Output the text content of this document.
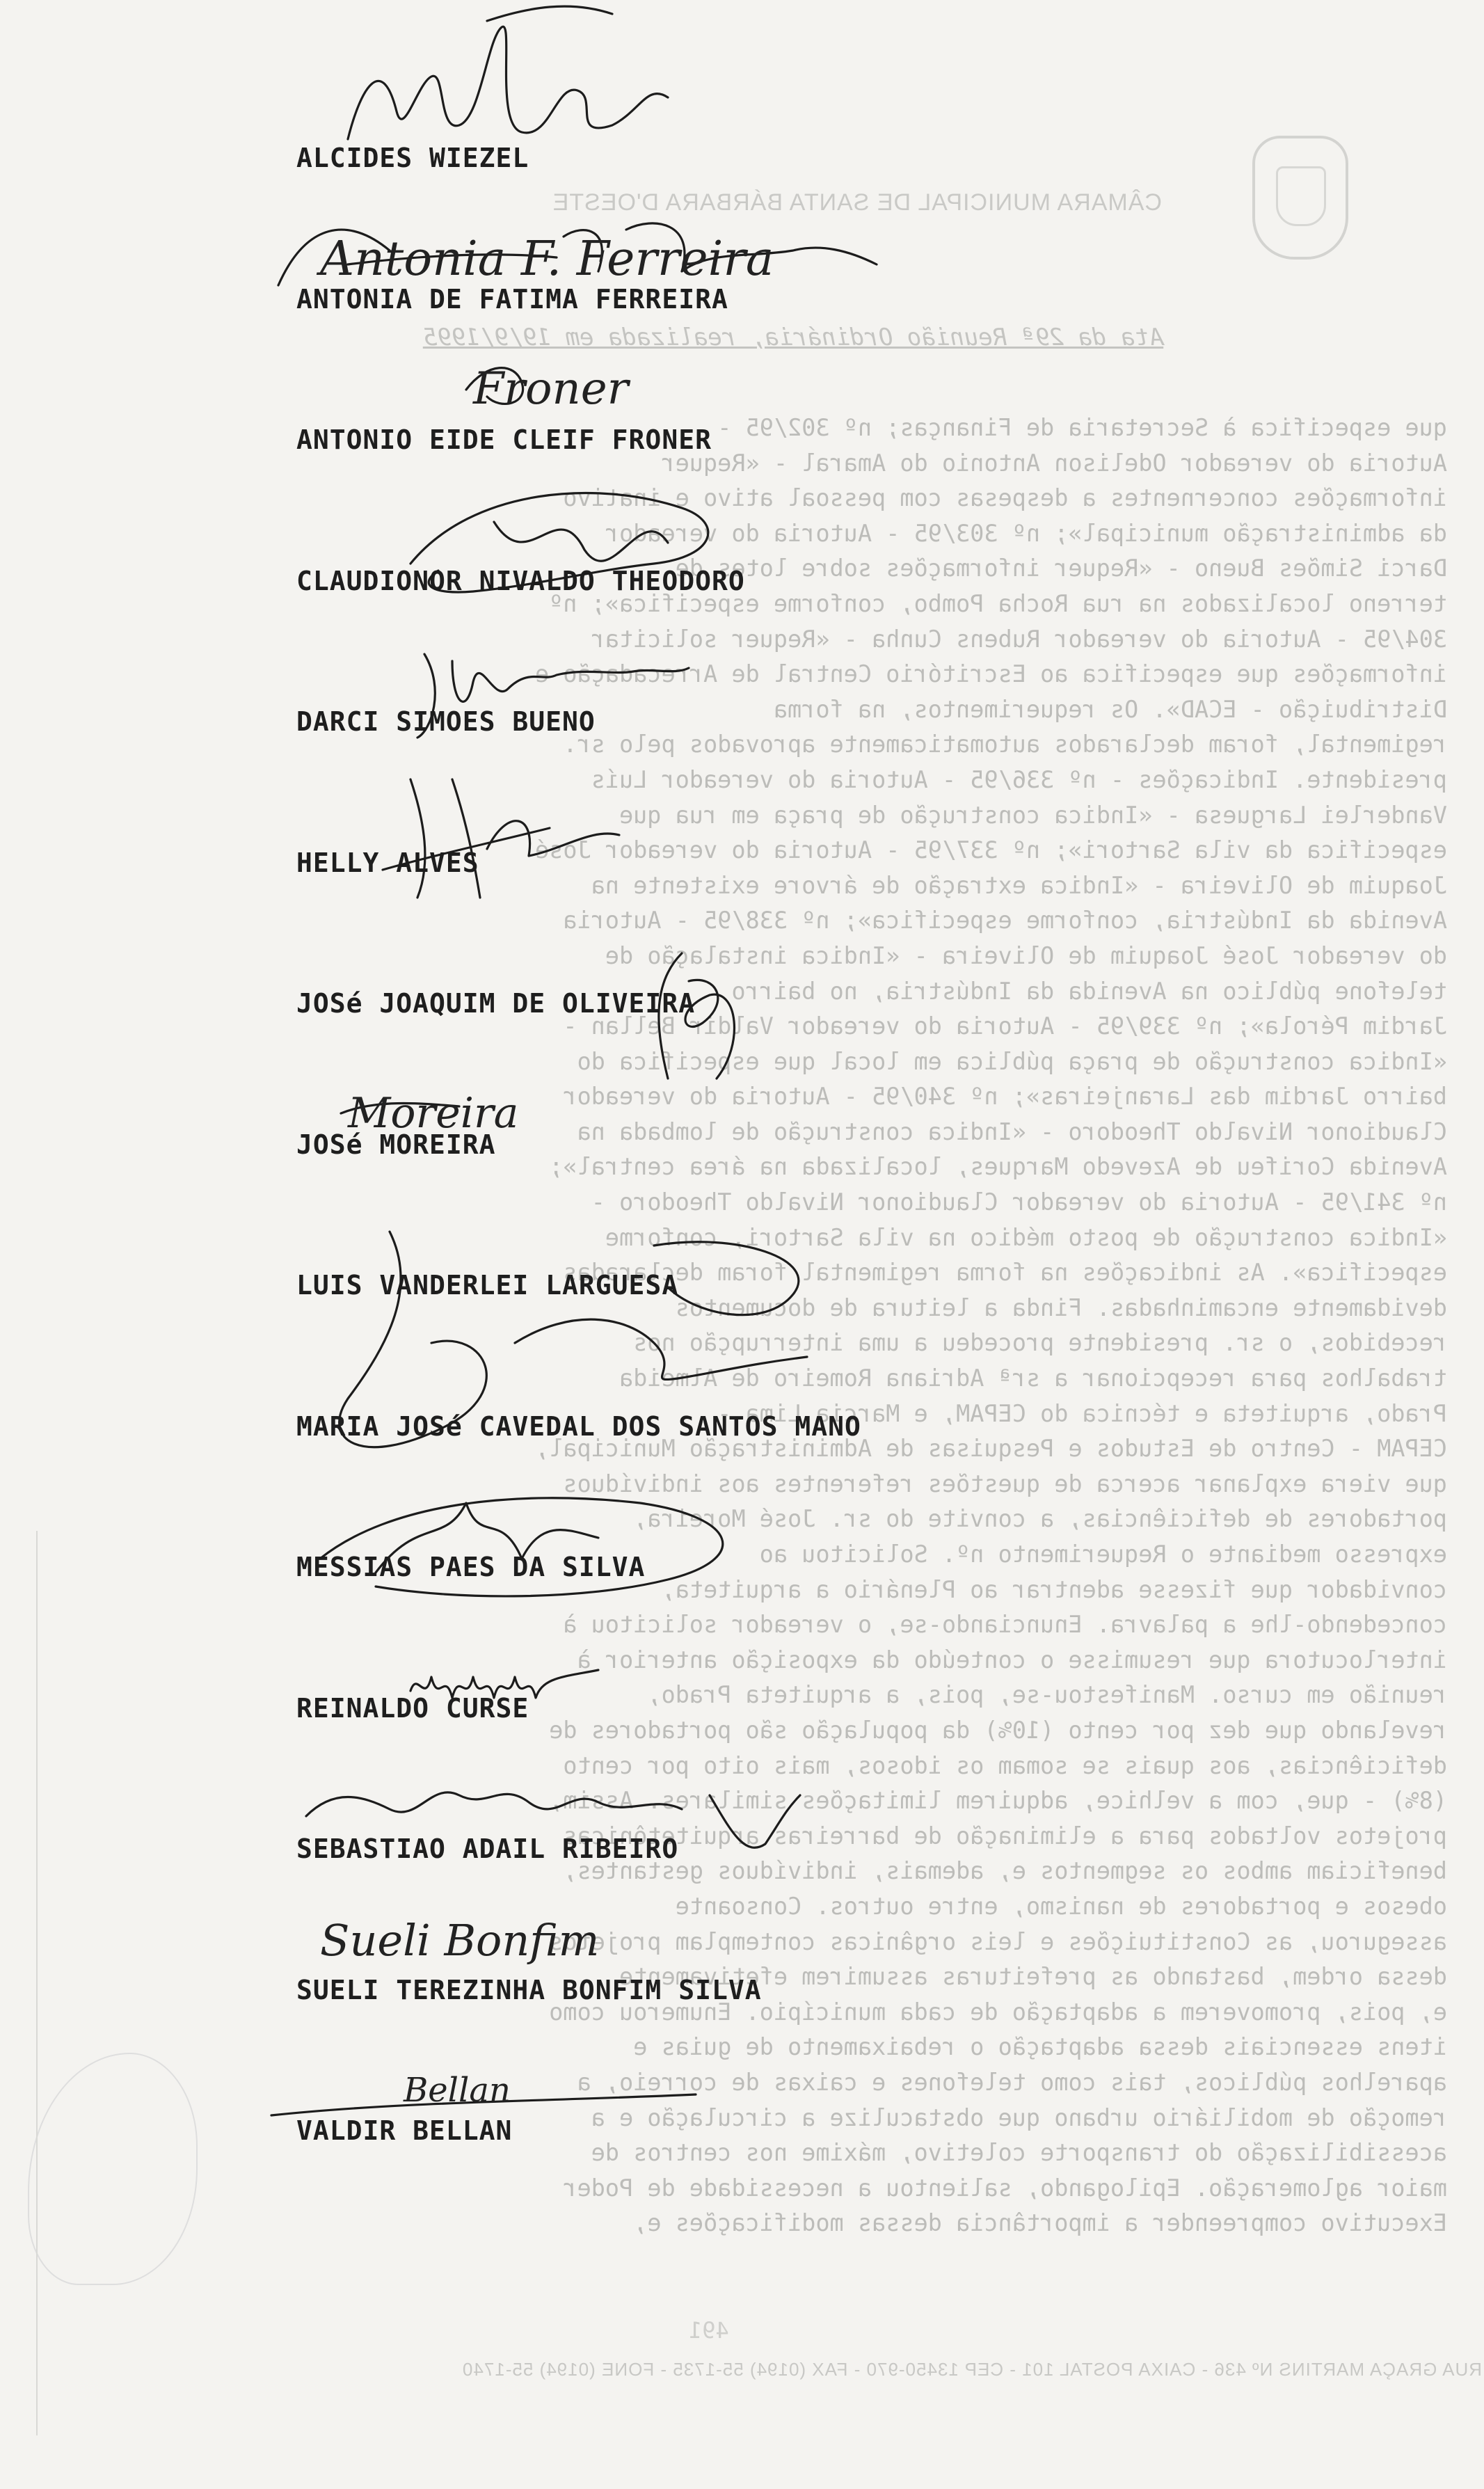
CÂMARA MUNICIPAL DE SANTA BÁRBARA D'OESTE
Ata da 29ª Reunião Ordinária, realizada em 19/9/1995
que especifica à Secretaria de Finanças; nº 302/95 -
Autoria do vereador Odelison Antonio do Amaral - «Requer
informações concernentes a despesas com pessoal ativo e inativo
da administração municipal»; nº 303/95 - Autoria do vereador
Darci Simões Bueno - «Requer informações sobre lotes de
terreno localizados na rua Rocha Pombo, conforme especifica»; nº
304/95 - Autoria do vereador Rubens Cunha - «Requer solicitar
informações que especifica ao Escritório Central de Arrecadação e
Distribuição - ECAD». Os requerimentos, na forma
regimental, foram declarados automaticamente aprovados pelo sr.
presidente. Indicações - nº 336/95 - Autoria do vereador Luís
Vanderlei Larguesa - «Indica construção de praça em rua que
especifica da vila Sartori»; nº 337/95 - Autoria do vereador José
Joaquim de Oliveira - «Indica extração de árvore existente na
Avenida da Indústria, conforme especifica»; nº 338/95 - Autoria
do vereador José Joaquim de Oliveira - «Indica instalação de
telefone público na Avenida da Indústria, no bairro
Jardim Pérola»; nº 339/95 - Autoria do vereador Valdir Bellan -
«Indica construção de praça pública em local que especifica do
bairro Jardim das Laranjeiras»; nº 340/95 - Autoria do vereador
Claudionor Nivaldo Theodoro - «Indica construção de lombada na
Avenida Corifeu de Azevedo Marques, localizada na área central»;
nº 341/95 - Autoria do vereador Claudionor Nivaldo Theodoro -
«Indica construção de posto médico na vila Sartori, conforme
especifica». As indicações na forma regimental foram declaradas
devidamente encaminhadas. Finda a leitura de documentos
recebidos, o sr. presidente procedeu a uma interrupção nos
trabalhos para recepcionar a srª Adriana Romeiro de Almeida
Prado, arquiteta e técnica do CEPAM, e Marcia Lima -
CEPAM - Centro de Estudos e Pesquisas de Administração Municipal,
que viera explanar acerca de questões referentes aos indivíduos
portadores de deficiências, a convite do sr. José Moreira,
expresso mediante o Requerimento nº. Solicitou ao
convidador que fizesse adentrar ao Plenário a arquiteta,
concedendo-lhe a palavra. Enunciando-se, o vereador solicitou à
interlocutora que resumisse o conteúdo da exposição anterior à
reunião em curso. Manifestou-se, pois, a arquiteta Prado,
revelando que dez por cento (10%) da população são portadores de
deficiências, aos quais se somam os idosos, mais oito por cento
(8%) - que, com a velhice, adquirem limitações similares. Assim,
projetos voltados para a eliminação de barreiras arquitetônicas
beneficiam ambos os segmentos e, ademais, indivíduos gestantes,
obesos e portadores de nanismo, entre outros. Consoante
assegurou, as Constituições e leis orgânicas contemplam projetos
dessa ordem, bastando as prefeituras assumirem efetivamente
e, pois, promoverem a adaptação de cada município. Enumerou como
itens essenciais dessa adaptação o rebaixamento de guias e
aparelhos públicos, tais como telefones e caixas de correio, a
remoção de mobiliário urbano que obstaculize a circulação e a
acessibilização do transporte coletivo, máxime nos centros de
maior aglomeração. Epilogando, salientou a necessidade de Poder
Executivo compreender a importância dessas modificações e,
491
RUA GRAÇA MARTINS Nº 436 - CAIXA POSTAL 101 - CEP 13450-970 - FAX (0194) 55-1735 - FONE (0194) 55-1740
ALCIDES WIEZEL
ANTONIA DE FATIMA FERREIRA
ANTONIO EIDE CLEIF FRONER
CLAUDIONOR NIVALDO THEODORO
DARCI SIMOES BUENO
HELLY ALVES
JOSé JOAQUIM DE OLIVEIRA
JOSé MOREIRA
LUIS VANDERLEI LARGUESA
MARIA JOSé CAVEDAL DOS SANTOS MANO
MESSIAS PAES DA SILVA
REINALDO CURSE
SEBASTIAO ADAIL RIBEIRO
SUELI TEREZINHA BONFIM SILVA
VALDIR BELLAN
Antonia F. Ferreira
Froner
Moreira
Sueli Bonfim
Bellan
